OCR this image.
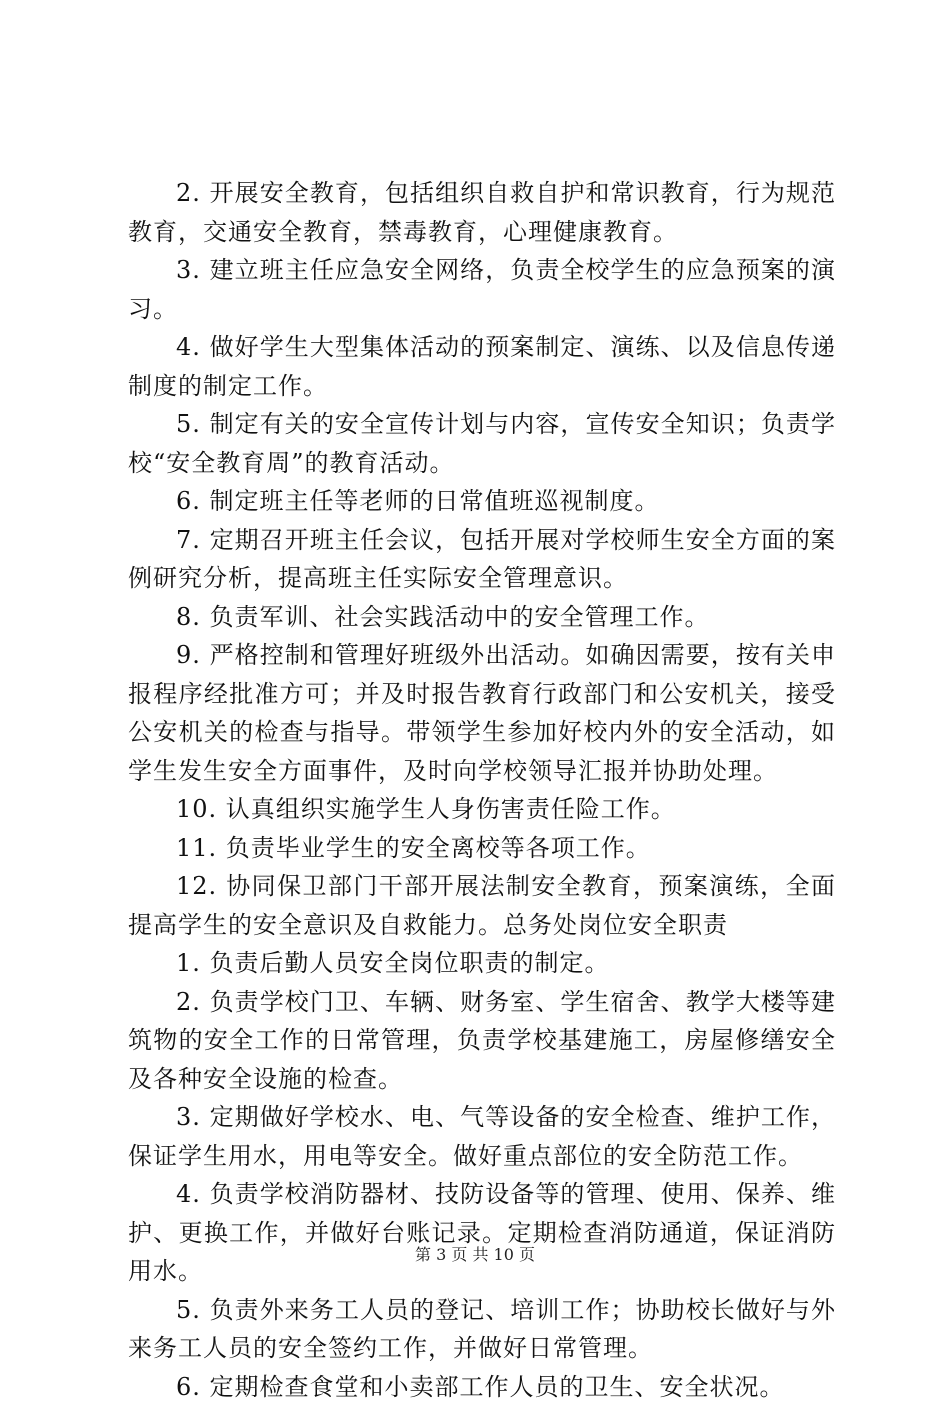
2. 开展安全教育，包括组织自救自护和常识教育，行为规范教育，交通安全教育，禁毒教育，心理健康教育。

3. 建立班主任应急安全网络，负责全校学生的应急预案的演习。

4. 做好学生大型集体活动的预案制定、演练、以及信息传递制度的制定工作。

5. 制定有关的安全宣传计划与内容，宣传安全知识；负责学校“安全教育周”的教育活动。

6. 制定班主任等老师的日常值班巡视制度。

7. 定期召开班主任会议，包括开展对学校师生安全方面的案例研究分析，提高班主任实际安全管理意识。

8. 负责军训、社会实践活动中的安全管理工作。

9. 严格控制和管理好班级外出活动。如确因需要，按有关申报程序经批准方可；并及时报告教育行政部门和公安机关，接受公安机关的检查与指导。带领学生参加好校内外的安全活动，如学生发生安全方面事件，及时向学校领导汇报并协助处理。

10. 认真组织实施学生人身伤害责任险工作。

11. 负责毕业学生的安全离校等各项工作。

12. 协同保卫部门干部开展法制安全教育，预案演练，全面提高学生的安全意识及自救能力。总务处岗位安全职责

1. 负责后勤人员安全岗位职责的制定。

2. 负责学校门卫、车辆、财务室、学生宿舍、教学大楼等建筑物的安全工作的日常管理，负责学校基建施工，房屋修缮安全及各种安全设施的检查。

3. 定期做好学校水、电、气等设备的安全检查、维护工作，保证学生用水，用电等安全。做好重点部位的安全防范工作。

4. 负责学校消防器材、技防设备等的管理、使用、保养、维护、更换工作，并做好台账记录。定期检查消防通道，保证消防用水。

5. 负责外来务工人员的登记、培训工作；协助校长做好与外来务工人员的安全签约工作，并做好日常管理。

6. 定期检查食堂和小卖部工作人员的卫生、安全状况。

第 3 页 共 10 页
